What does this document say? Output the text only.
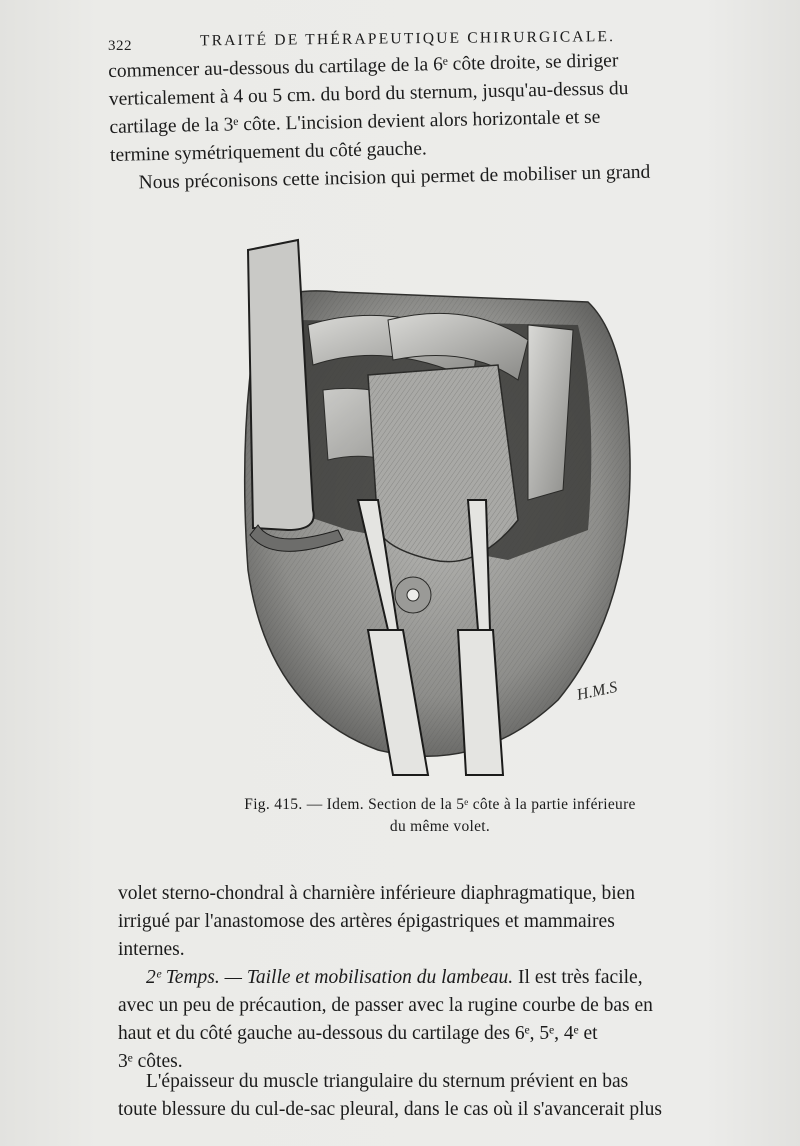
322	TRAITÉ DE THÉRAPEUTIQUE CHIRURGICALE.
commencer au-dessous du cartilage de la 6ᵉ côte droite, se diriger
verticalement à 4 ou 5 cm. du bord du sternum, jusqu'au-dessus du
cartilage de la 3ᵉ côte. L'incision devient alors horizontale et se
termine symétriquement du côté gauche.
Nous préconisons cette incision qui permet de mobiliser un grand
H.M.S
Fig. 415. — Idem. Section de la 5ᵉ côte à la partie inférieure
du même volet.
volet sterno-chondral à charnière inférieure diaphragmatique, bien
irrigué par l'anastomose des artères épigastriques et mammaires
internes.
2ᵉ Temps. — Taille et mobilisation du lambeau. Il est très facile,
avec un peu de précaution, de passer avec la rugine courbe de bas en
haut et du côté gauche au-dessous du cartilage des 6ᵉ, 5ᵉ, 4ᵉ et
3ᵉ côtes.
L'épaisseur du muscle triangulaire du sternum prévient en bas
toute blessure du cul-de-sac pleural, dans le cas où il s'avancerait plus
